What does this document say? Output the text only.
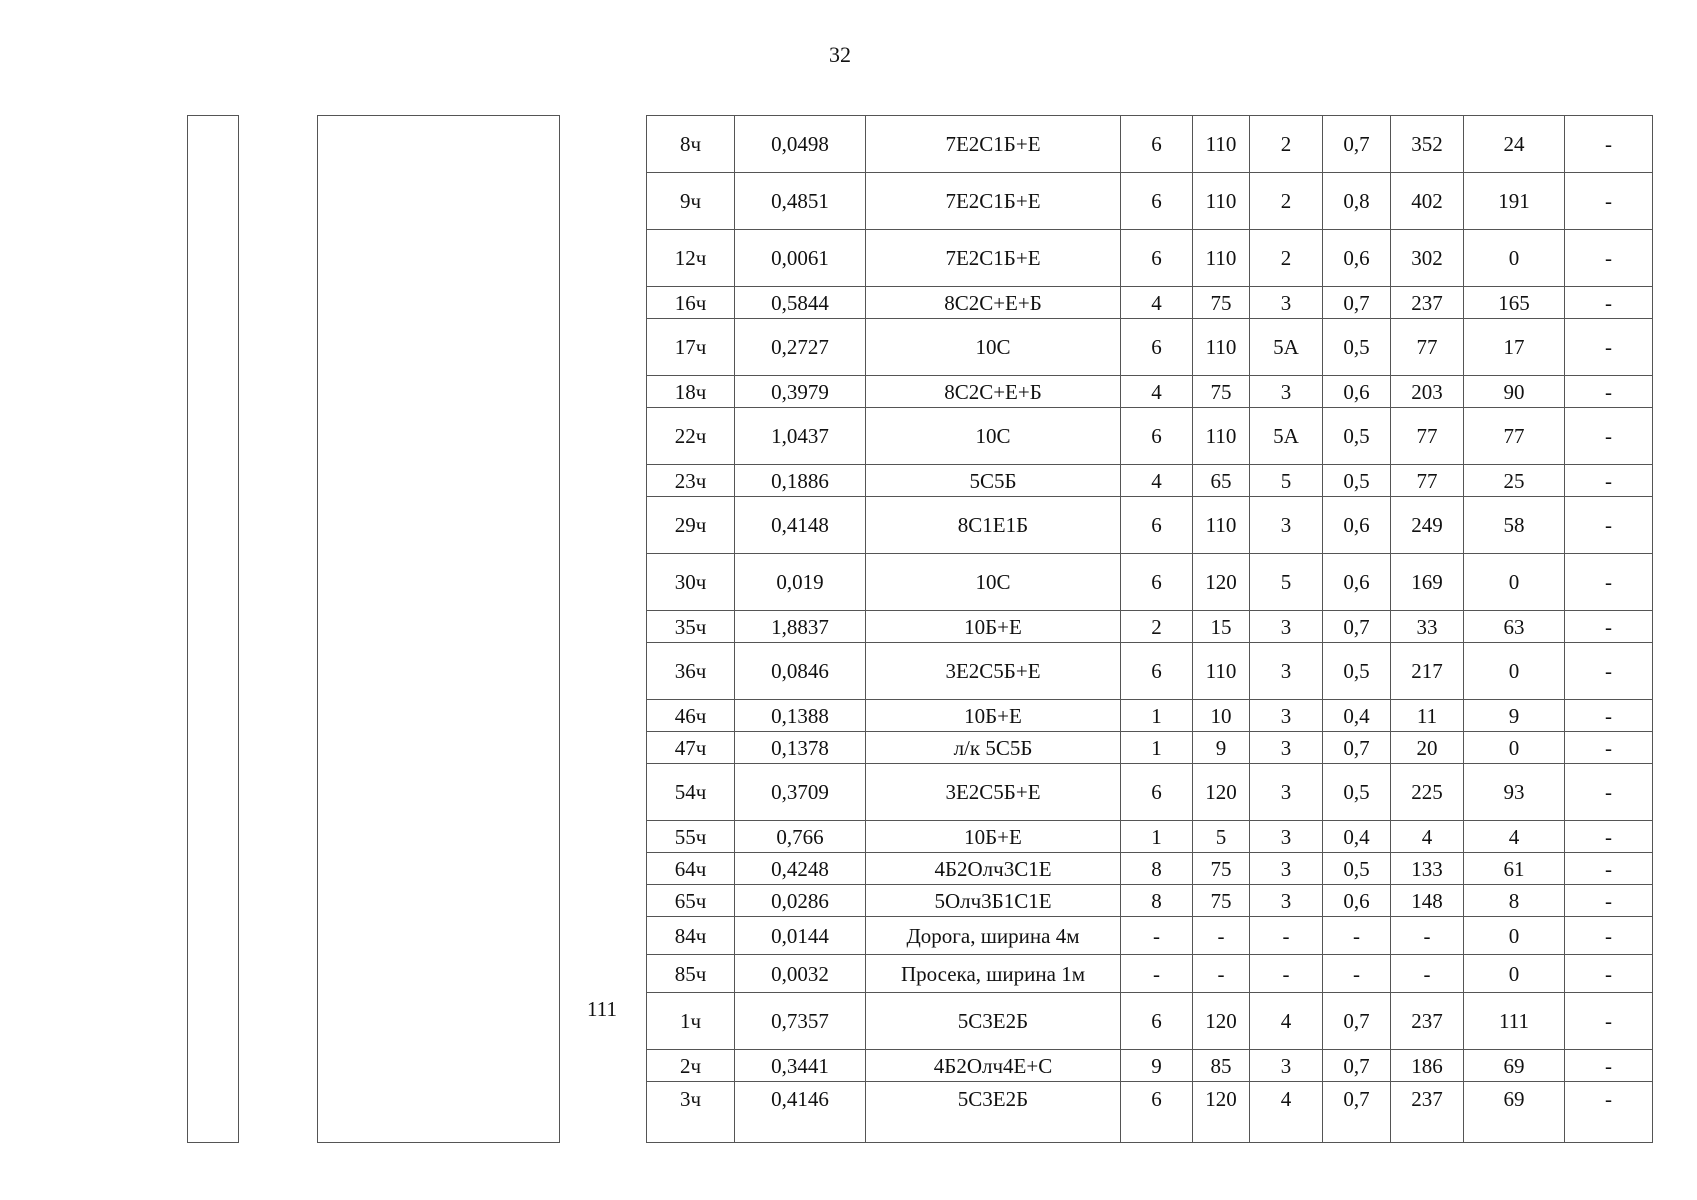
32
111
8ч	0,0498	7Е2С1Б+Е	6	110	2	0,7	352	24	-
9ч	0,4851	7Е2С1Б+Е	6	110	2	0,8	402	191	-
12ч	0,0061	7Е2С1Б+Е	6	110	2	0,6	302	0	-
16ч	0,5844	8С2С+Е+Б	4	75	3	0,7	237	165	-
17ч	0,2727	10С	6	110	5А	0,5	77	17	-
18ч	0,3979	8С2С+Е+Б	4	75	3	0,6	203	90	-
22ч	1,0437	10С	6	110	5А	0,5	77	77	-
23ч	0,1886	5С5Б	4	65	5	0,5	77	25	-
29ч	0,4148	8С1Е1Б	6	110	3	0,6	249	58	-
30ч	0,019	10С	6	120	5	0,6	169	0	-
35ч	1,8837	10Б+Е	2	15	3	0,7	33	63	-
36ч	0,0846	3Е2С5Б+Е	6	110	3	0,5	217	0	-
46ч	0,1388	10Б+Е	1	10	3	0,4	11	9	-
47ч	0,1378	л/к 5С5Б	1	9	3	0,7	20	0	-
54ч	0,3709	3Е2С5Б+Е	6	120	3	0,5	225	93	-
55ч	0,766	10Б+Е	1	5	3	0,4	4	4	-
64ч	0,4248	4Б2Олч3С1Е	8	75	3	0,5	133	61	-
65ч	0,0286	5Олч3Б1С1Е	8	75	3	0,6	148	8	-
84ч	0,0144	Дорога, ширина 4м	-	-	-	-	-	0	-
85ч	0,0032	Просека, ширина 1м	-	-	-	-	-	0	-
1ч	0,7357	5С3Е2Б	6	120	4	0,7	237	111	-
2ч	0,3441	4Б2Олч4Е+С	9	85	3	0,7	186	69	-
3ч	0,4146	5С3Е2Б	6	120	4	0,7	237	69	-
